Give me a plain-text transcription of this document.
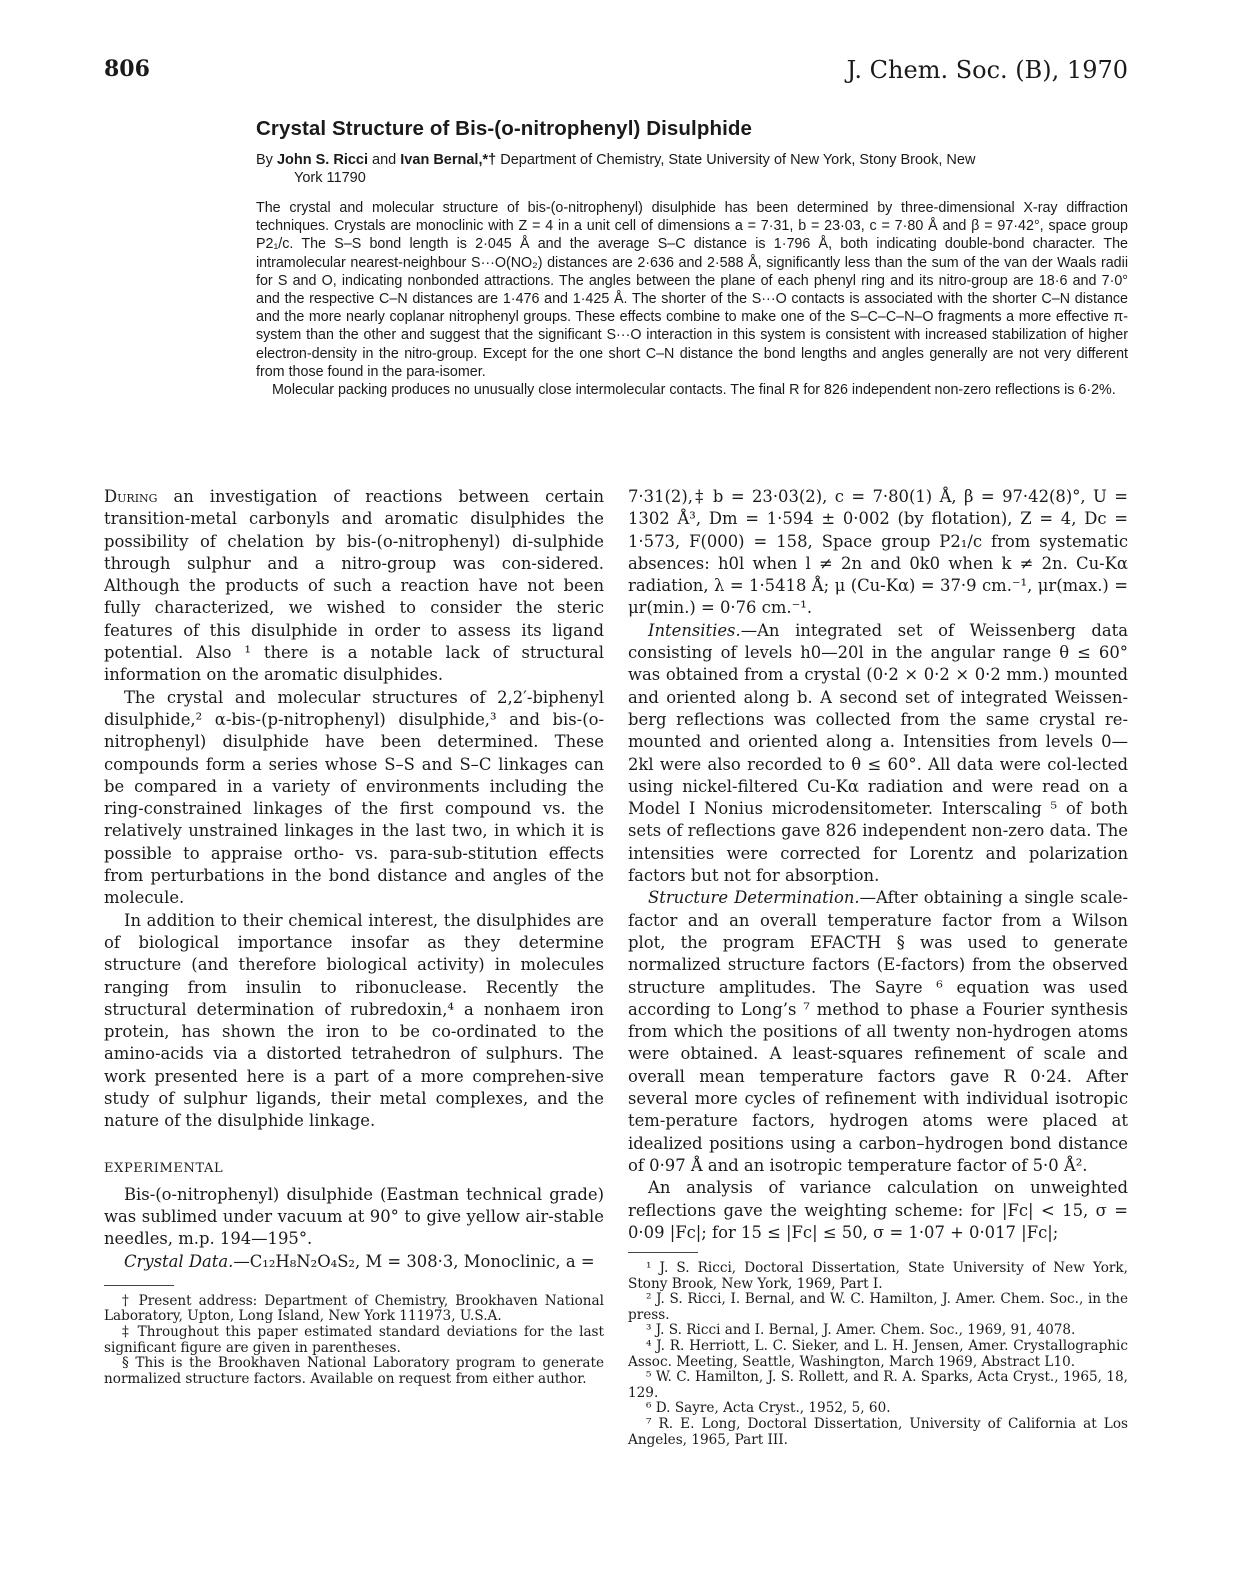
806	J. Chem. Soc. (B), 1970
Crystal Structure of Bis-(o-nitrophenyl) Disulphide
By John S. Ricci and Ivan Bernal,*† Department of Chemistry, State University of New York, Stony Brook, New
York 11790

The crystal and molecular structure of bis-(o-nitrophenyl) disulphide has been determined by three-dimensional X-ray diffraction techniques. Crystals are monoclinic with Z = 4 in a unit cell of dimensions a = 7·31, b = 23·03, c = 7·80 Å and β = 97·42°, space group P2₁/c. The S–S bond length is 2·045 Å and the average S–C distance is 1·796 Å, both indicating double-bond character. The intramolecular nearest-neighbour S···O(NO₂) distances are 2·636 and 2·588 Å, significantly less than the sum of the van der Waals radii for S and O, indicating nonbonded attractions. The angles between the plane of each phenyl ring and its nitro-group are 18·6 and 7·0° and the respective C–N distances are 1·476 and 1·425 Å. The shorter of the S···O contacts is associated with the shorter C–N distance and the more nearly coplanar nitrophenyl groups. These effects combine to make one of the S–C–C–N–O fragments a more effective π-system than the other and suggest that the significant S···O interaction in this system is consistent with increased stabilization of higher electron-density in the nitro-group. Except for the one short C–N distance the bond lengths and angles generally are not very different from those found in the para-isomer.

Molecular packing produces no unusually close intermolecular contacts. The final R for 826 independent non-zero reflections is 6·2%.

During an investigation of reactions between certain transition-metal carbonyls and aromatic disulphides the possibility of chelation by bis-(o-nitrophenyl) di-sulphide through sulphur and a nitro-group was con-sidered. Although the products of such a reaction have not been fully characterized, we wished to consider the steric features of this disulphide in order to assess its ligand potential. Also ¹ there is a notable lack of structural information on the aromatic disulphides.

The crystal and molecular structures of 2,2′-biphenyl disulphide,² α-bis-(p-nitrophenyl) disulphide,³ and bis-(o-nitrophenyl) disulphide have been determined. These compounds form a series whose S–S and S–C linkages can be compared in a variety of environments including the ring-constrained linkages of the first compound vs. the relatively unstrained linkages in the last two, in which it is possible to appraise ortho- vs. para-sub-stitution effects from perturbations in the bond distance and angles of the molecule.

In addition to their chemical interest, the disulphides are of biological importance insofar as they determine structure (and therefore biological activity) in molecules ranging from insulin to ribonuclease. Recently the structural determination of rubredoxin,⁴ a nonhaem iron protein, has shown the iron to be co-ordinated to the amino-acids via a distorted tetrahedron of sulphurs. The work presented here is a part of a more comprehen-sive study of sulphur ligands, their metal complexes, and the nature of the disulphide linkage.

EXPERIMENTAL

Bis-(o-nitrophenyl) disulphide (Eastman technical grade) was sublimed under vacuum at 90° to give yellow air-stable needles, m.p. 194—195°.

Crystal Data.—C₁₂H₈N₂O₄S₂, M = 308·3, Monoclinic, a =

† Present address: Department of Chemistry, Brookhaven National Laboratory, Upton, Long Island, New York 111973, U.S.A.

‡ Throughout this paper estimated standard deviations for the last significant figure are given in parentheses.

§ This is the Brookhaven National Laboratory program to generate normalized structure factors. Available on request from either author.

7·31(2),‡ b = 23·03(2), c = 7·80(1) Å, β = 97·42(8)°, U = 1302 Å³, Dm = 1·594 ± 0·002 (by flotation), Z = 4, Dc = 1·573, F(000) = 158, Space group P2₁/c from systematic absences: h0l when l ≠ 2n and 0k0 when k ≠ 2n. Cu-Kα radiation, λ = 1·5418 Å; μ (Cu-Kα) = 37·9 cm.⁻¹, μr(max.) = μr(min.) = 0·76 cm.⁻¹.

Intensities.—An integrated set of Weissenberg data consisting of levels h0—20l in the angular range θ ≤ 60° was obtained from a crystal (0·2 × 0·2 × 0·2 mm.) mounted and oriented along b. A second set of integrated Weissen-berg reflections was collected from the same crystal re-mounted and oriented along a. Intensities from levels 0—2kl were also recorded to θ ≤ 60°. All data were col-lected using nickel-filtered Cu-Kα radiation and were read on a Model I Nonius microdensitometer. Interscaling ⁵ of both sets of reflections gave 826 independent non-zero data. The intensities were corrected for Lorentz and polarization factors but not for absorption.

Structure Determination.—After obtaining a single scale-factor and an overall temperature factor from a Wilson plot, the program EFACTH § was used to generate normalized structure factors (E-factors) from the observed structure amplitudes. The Sayre ⁶ equation was used according to Long’s ⁷ method to phase a Fourier synthesis from which the positions of all twenty non-hydrogen atoms were obtained. A least-squares refinement of scale and overall mean temperature factors gave R 0·24. After several more cycles of refinement with individual isotropic tem-perature factors, hydrogen atoms were placed at idealized positions using a carbon–hydrogen bond distance of 0·97 Å and an isotropic temperature factor of 5·0 Å².

An analysis of variance calculation on unweighted reflections gave the weighting scheme: for |Fc| < 15, σ = 0·09 |Fc|; for 15 ≤ |Fc| ≤ 50, σ = 1·07 + 0·017 |Fc|;

¹ J. S. Ricci, Doctoral Dissertation, State University of New York, Stony Brook, New York, 1969, Part I.

² J. S. Ricci, I. Bernal, and W. C. Hamilton, J. Amer. Chem. Soc., in the press.

³ J. S. Ricci and I. Bernal, J. Amer. Chem. Soc., 1969, 91, 4078.

⁴ J. R. Herriott, L. C. Sieker, and L. H. Jensen, Amer. Crystallographic Assoc. Meeting, Seattle, Washington, March 1969, Abstract L10.

⁵ W. C. Hamilton, J. S. Rollett, and R. A. Sparks, Acta Cryst., 1965, 18, 129.

⁶ D. Sayre, Acta Cryst., 1952, 5, 60.

⁷ R. E. Long, Doctoral Dissertation, University of California at Los Angeles, 1965, Part III.
